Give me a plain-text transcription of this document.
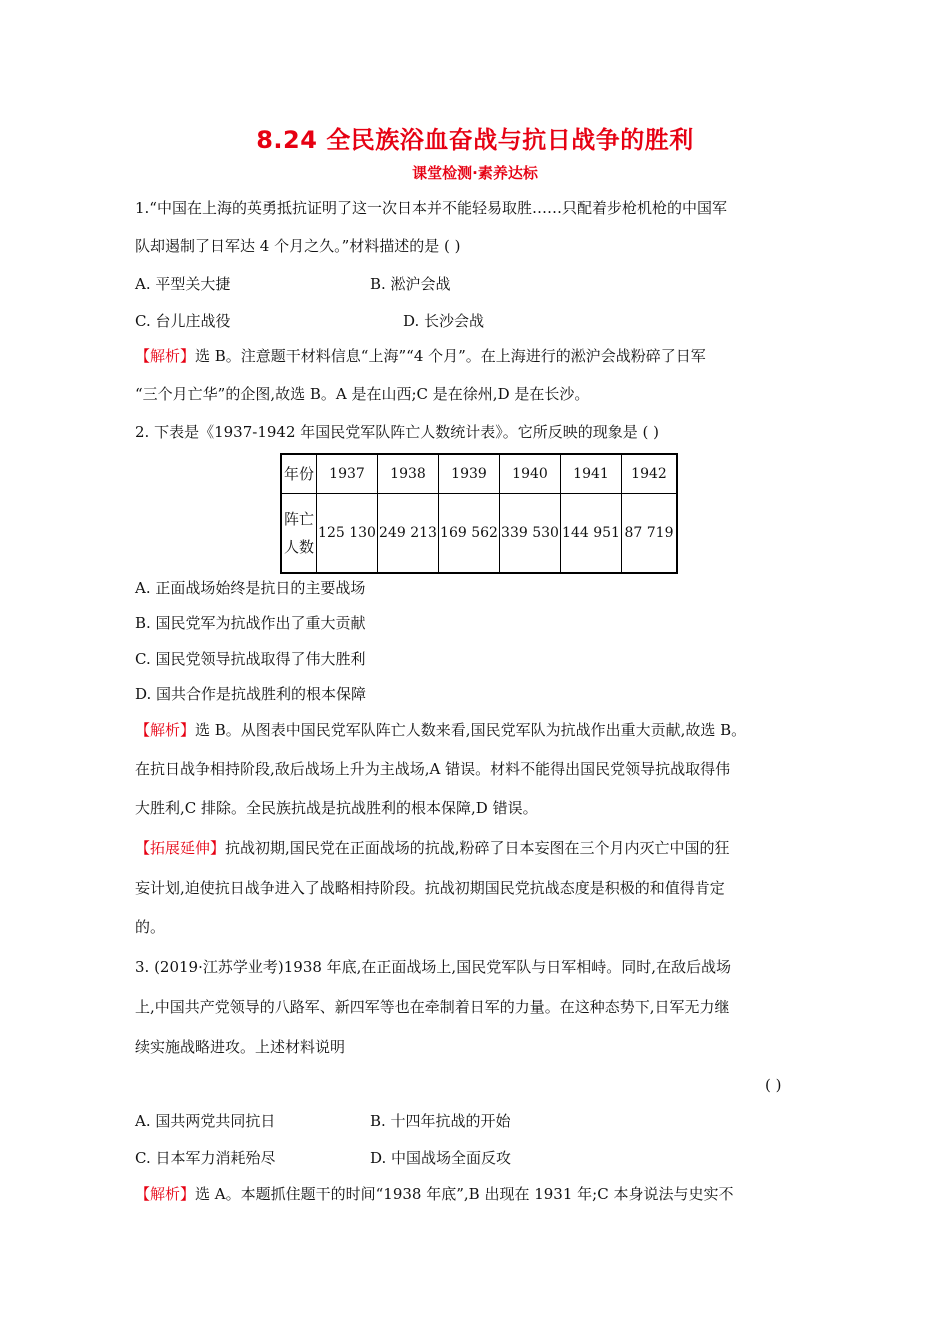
8.24 全民族浴血奋战与抗日战争的胜利
课堂检测·素养达标
1.“中国在上海的英勇抵抗证明了这一次日本并不能轻易取胜……只配着步枪机枪的中国军
队却遏制了日军达 4 个月之久。”材料描述的是 ( )
A. 平型关大捷	B. 淞沪会战
C. 台儿庄战役	D. 长沙会战
【解析】选 B。注意题干材料信息“上海”“4 个月”。在上海进行的淞沪会战粉碎了日军
“三个月亡华”的企图,故选 B。A 是在山西;C 是在徐州,D 是在长沙。
2. 下表是《1937-1942 年国民党军队阵亡人数统计表》。它所反映的现象是 ( )
年份	1937	1938	1939	1940	1941	1942

阵亡
人数	125 130	249 213	169 562	339 530	144 951	87 719
A. 正面战场始终是抗日的主要战场
B. 国民党军为抗战作出了重大贡献
C. 国民党领导抗战取得了伟大胜利
D. 国共合作是抗战胜利的根本保障
【解析】选 B。从图表中国民党军队阵亡人数来看,国民党军队为抗战作出重大贡献,故选 B。
在抗日战争相持阶段,敌后战场上升为主战场,A 错误。材料不能得出国民党领导抗战取得伟
大胜利,C 排除。全民族抗战是抗战胜利的根本保障,D 错误。
【拓展延伸】抗战初期,国民党在正面战场的抗战,粉碎了日本妄图在三个月内灭亡中国的狂
妄计划,迫使抗日战争进入了战略相持阶段。抗战初期国民党抗战态度是积极的和值得肯定
的。
3. (2019·江苏学业考)1938 年底,在正面战场上,国民党军队与日军相峙。同时,在敌后战场
上,中国共产党领导的八路军、新四军等也在牵制着日军的力量。在这种态势下,日军无力继
续实施战略进攻。上述材料说明
( )
A. 国共两党共同抗日	B. 十四年抗战的开始
C. 日本军力消耗殆尽	D. 中国战场全面反攻
【解析】选 A。本题抓住题干的时间“1938 年底”,B 出现在 1931 年;C 本身说法与史实不
